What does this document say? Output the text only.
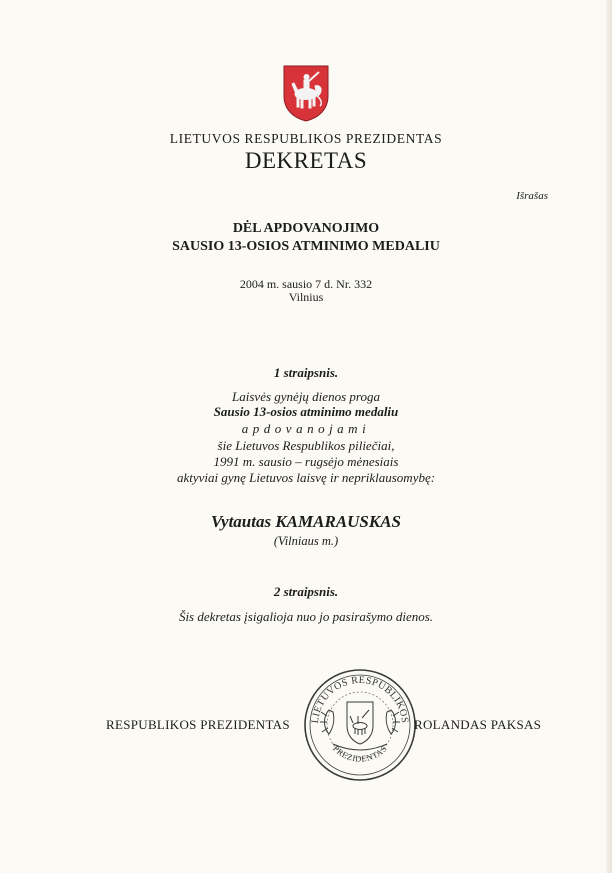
LIETUVOS RESPUBLIKOS PREZIDENTAS
DEKRETAS
Išrašas
DĖL APDOVANOJIMO
SAUSIO 13-OSIOS ATMINIMO MEDALIU
2004 m. sausio 7 d. Nr. 332
Vilnius
1 straipsnis.
Laisvės gynėjų dienos proga
Sausio 13-osios atminimo medaliu
apdovanojami
šie Lietuvos Respublikos piliečiai,
1991 m. sausio – rugsėjo mėnesiais
aktyviai gynę Lietuvos laisvę ir nepriklausomybę:
Vytautas KAMARAUSKAS
(Vilniaus m.)
2 straipsnis.
Šis dekretas įsigalioja nuo jo pasirašymo dienos.
RESPUBLIKOS PREZIDENTAS LIETUVOS RESPUBLIKOS
PREZIDENTAS
ROLANDAS PAKSAS
